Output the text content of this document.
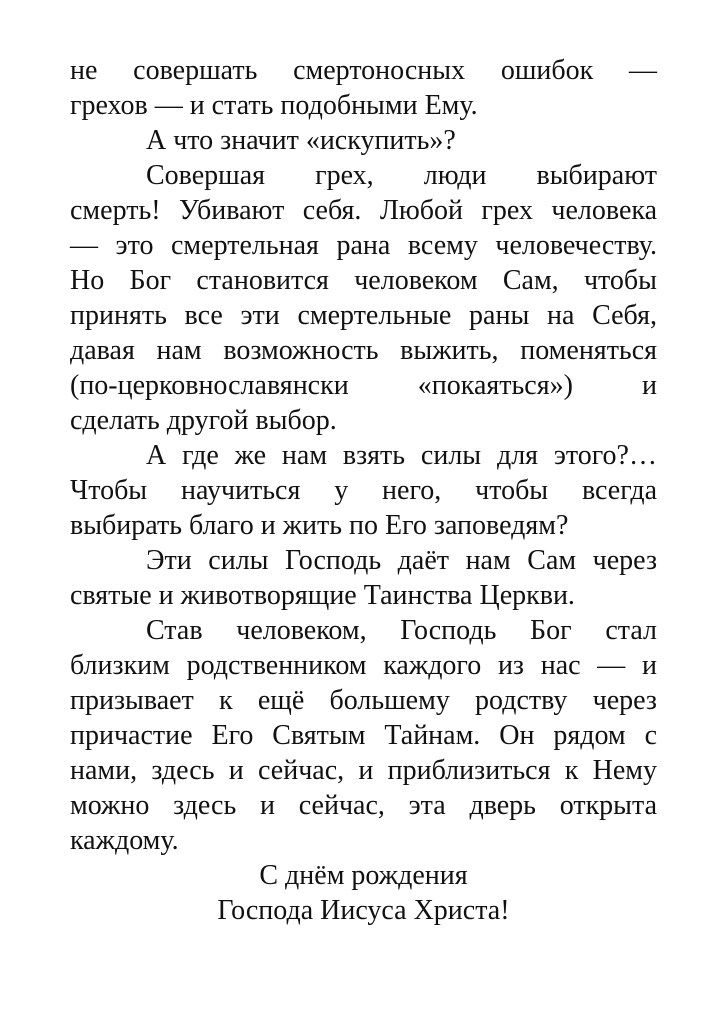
не совершать смертоносных ошибок —
грехов — и стать подобными Ему.
А что значит «искупить»?
Совершая грех, люди выбирают
смерть! Убивают себя. Любой грех человека
— это смертельная рана всему человечеству.
Но Бог становится человеком Сам, чтобы
принять все эти смертельные раны на Себя,
давая нам возможность выжить, поменяться
(по-церковнославянски «покаяться») и
сделать другой выбор.
А где же нам взять силы для этого?…
Чтобы научиться у него, чтобы всегда
выбирать благо и жить по Его заповедям?
Эти силы Господь даёт нам Сам через
святые и животворящие Таинства Церкви.
Став человеком, Господь Бог стал
близким родственником каждого из нас — и
призывает к ещё большему родству через
причастие Его Святым Тайнам. Он рядом с
нами, здесь и сейчас, и приблизиться к Нему
можно здесь и сейчас, эта дверь открыта
каждому.
С днём рождения
Господа Иисуса Христа!
